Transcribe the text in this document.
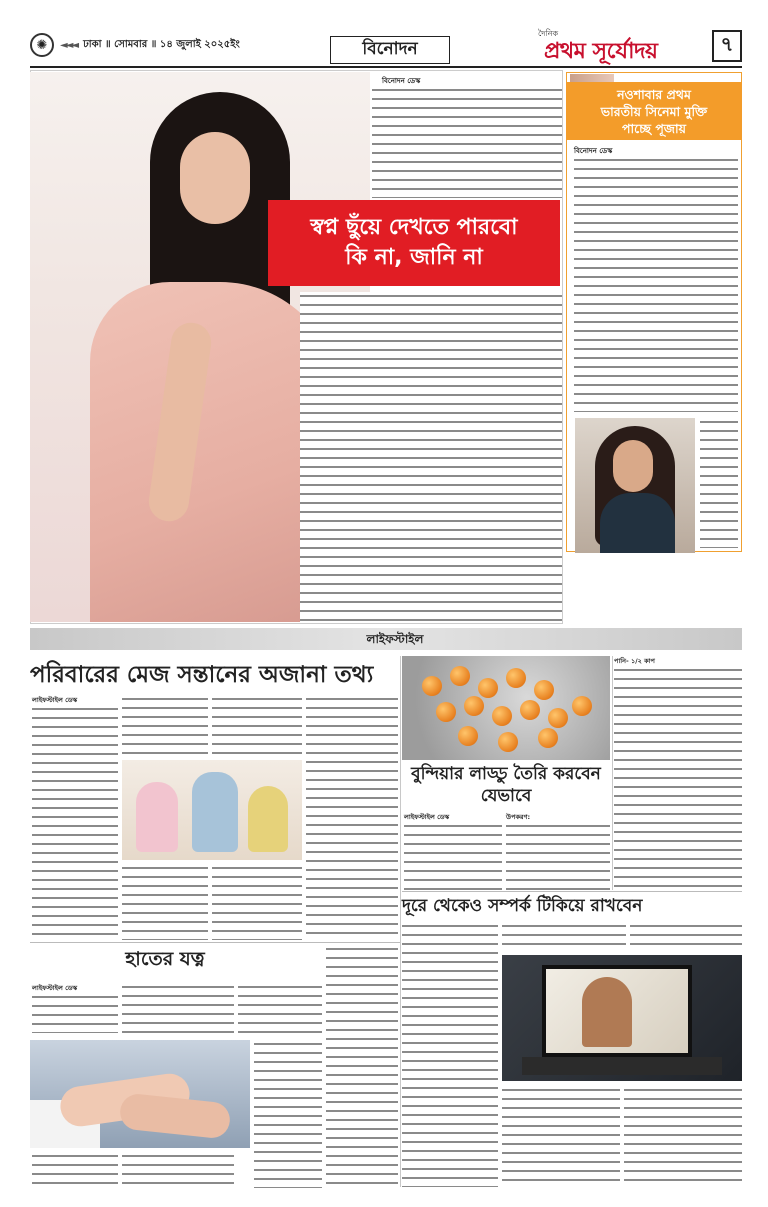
✺	◄◄◄ ঢাকা ॥ সোমবার ॥ ১৪ জুলাই ২০২৫ইং	বিনোদন
দৈনিক
প্রথম সূর্যোদয়	৭
বিনোদন ডেস্ক
স্বপ্ন ছুঁয়ে দেখতে পারবো
কি না, জানি না
নওশাবার প্রথম
ভারতীয় সিনেমা মুক্তি
পাচ্ছে পূজায়
বিনোদন ডেস্ক
লাইফস্টাইল
পরিবারের মেজ সন্তানের অজানা তথ্য
লাইফস্টাইল ডেস্ক
বুন্দিয়ার লাড্ডু তৈরি করবেন যেভাবে
লাইফস্টাইল ডেস্ক	উপকরণ:
পানি- ১/২ কাপ
দূরে থেকেও সম্পর্ক টিকিয়ে রাখবেন
হাতের যত্ন
লাইফস্টাইল ডেস্ক
